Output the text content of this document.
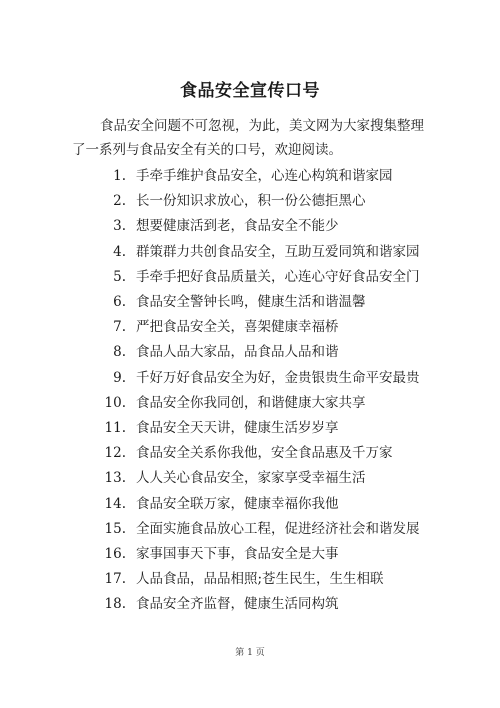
食品安全宣传口号
食品安全问题不可忽视，为此，美文网为大家搜集整理了一系列与食品安全有关的口号，欢迎阅读。
1. 手牵手维护食品安全，心连心构筑和谐家园
2. 长一份知识求放心，积一份公德拒黑心
3. 想要健康活到老，食品安全不能少
4. 群策群力共创食品安全，互助互爱同筑和谐家园
5. 手牵手把好食品质量关，心连心守好食品安全门
6. 食品安全警钟长鸣，健康生活和谐温馨
7. 严把食品安全关，喜架健康幸福桥
8. 食品人品大家品，品食品人品和谐
9. 千好万好食品安全为好，金贵银贵生命平安最贵
10. 食品安全你我同创，和谐健康大家共享
11. 食品安全天天讲，健康生活岁岁享
12. 食品安全关系你我他，安全食品惠及千万家
13. 人人关心食品安全，家家享受幸福生活
14. 食品安全联万家，健康幸福你我他
15. 全面实施食品放心工程，促进经济社会和谐发展
16. 家事国事天下事，食品安全是大事
17. 人品食品，品品相照;苍生民生，生生相联
18. 食品安全齐监督，健康生活同构筑
第 1 页
